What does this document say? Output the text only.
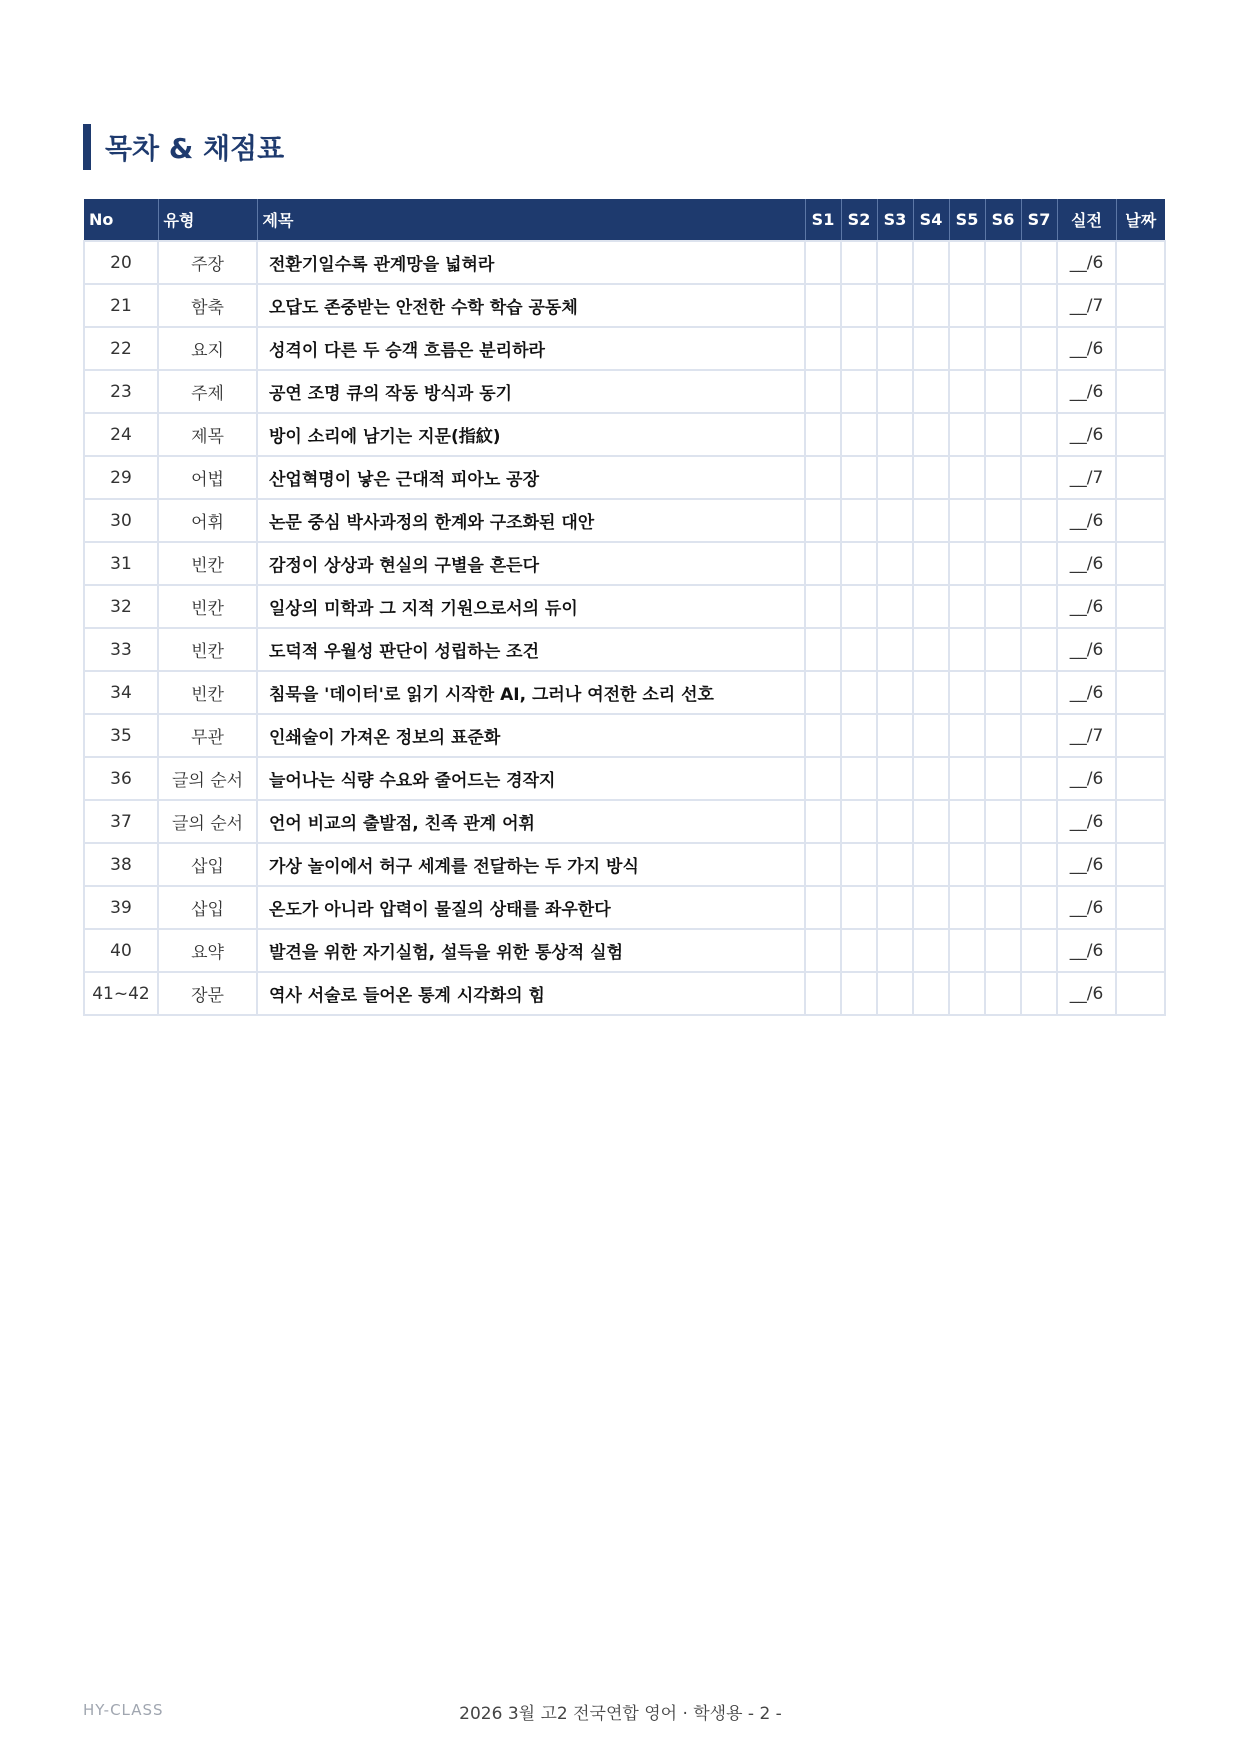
목차 & 채점표
No	유형	제목	S1	S2	S3	S4	S5	S6	S7	실전	날짜
20	주장	전환기일수록 관계망을 넓혀라								__/6	
21	함축	오답도 존중받는 안전한 수학 학습 공동체								__/7	
22	요지	성격이 다른 두 승객 흐름은 분리하라								__/6	
23	주제	공연 조명 큐의 작동 방식과 동기								__/6	
24	제목	방이 소리에 남기는 지문(指紋)								__/6	
29	어법	산업혁명이 낳은 근대적 피아노 공장								__/7	
30	어휘	논문 중심 박사과정의 한계와 구조화된 대안								__/6	
31	빈칸	감정이 상상과 현실의 구별을 흔든다								__/6	
32	빈칸	일상의 미학과 그 지적 기원으로서의 듀이								__/6	
33	빈칸	도덕적 우월성 판단이 성립하는 조건								__/6	
34	빈칸	침묵을 '데이터'로 읽기 시작한 AI, 그러나 여전한 소리 선호								__/6	
35	무관	인쇄술이 가져온 정보의 표준화								__/7	
36	글의 순서	늘어나는 식량 수요와 줄어드는 경작지								__/6	
37	글의 순서	언어 비교의 출발점, 친족 관계 어휘								__/6	
38	삽입	가상 놀이에서 허구 세계를 전달하는 두 가지 방식								__/6	
39	삽입	온도가 아니라 압력이 물질의 상태를 좌우한다								__/6	
40	요약	발견을 위한 자기실험, 설득을 위한 통상적 실험								__/6	
41~42	장문	역사 서술로 들어온 통계 시각화의 힘								__/6	
HY-CLASS	2026 3월 고2 전국연합 영어 · 학생용 - 2 -
